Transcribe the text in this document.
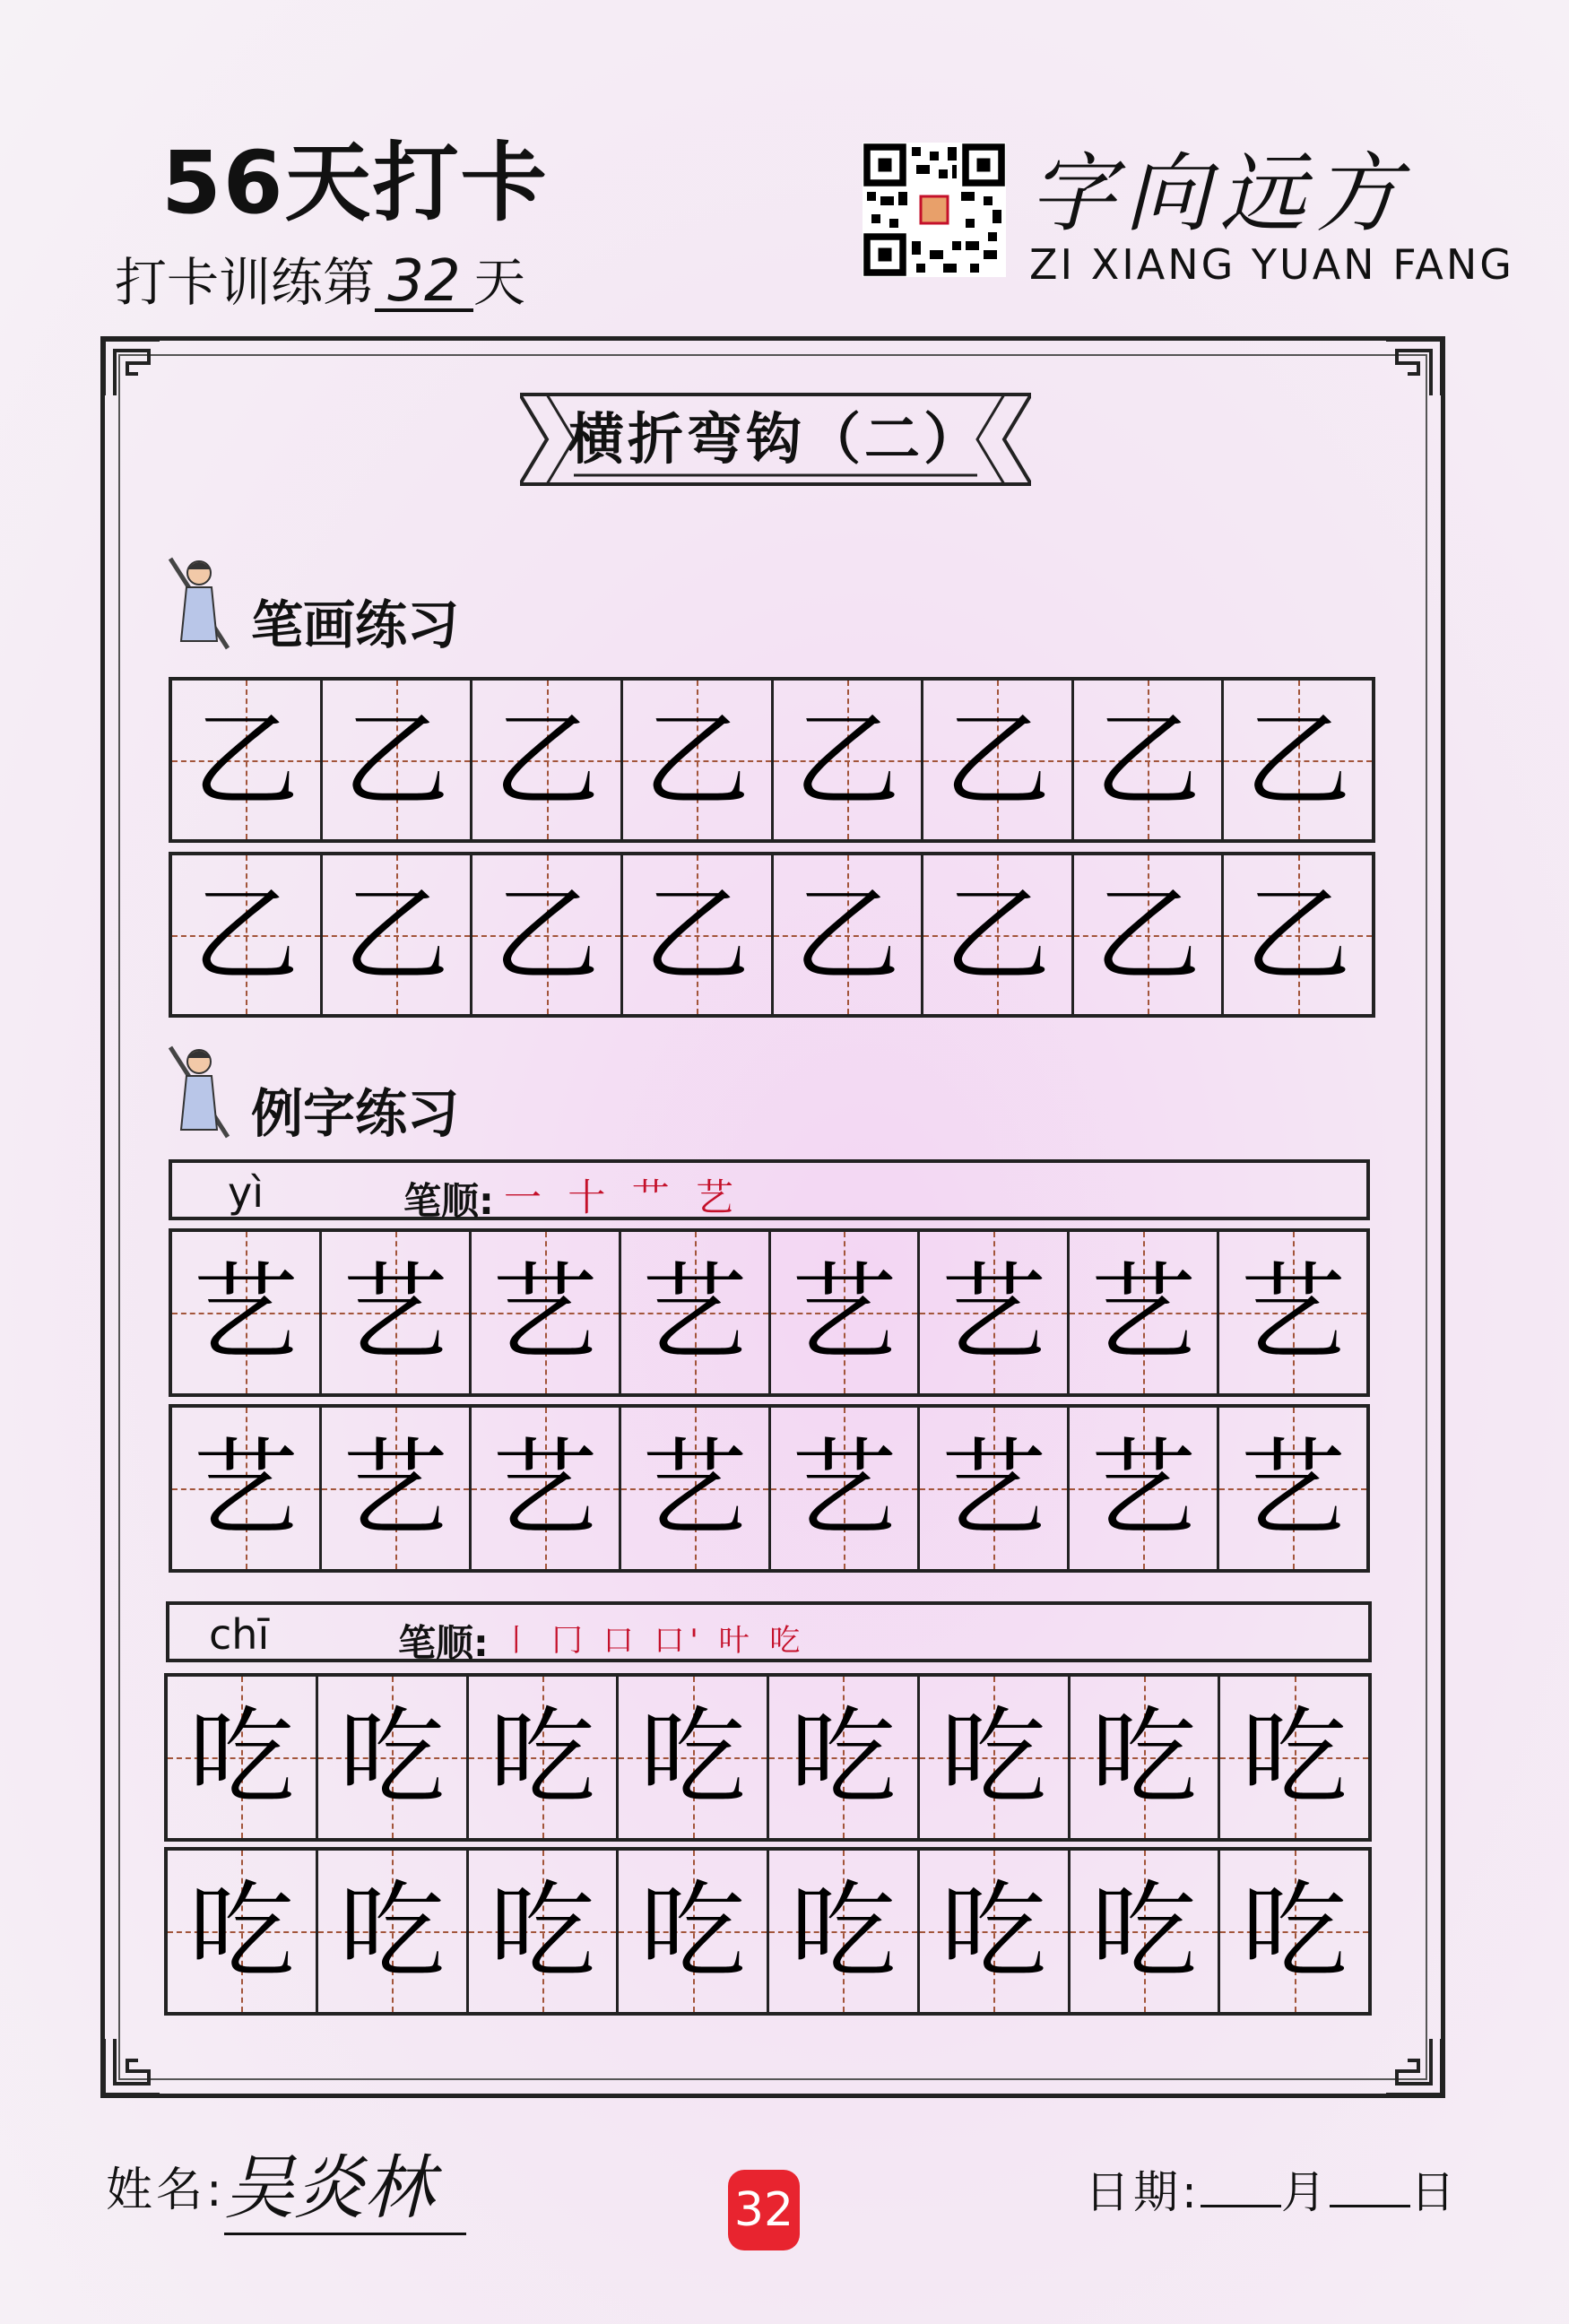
56天打卡
打卡训练第 32 天
字向远方
ZI XIANG YUAN FANG
横折弯钩（二）
笔画练习
乙 乙 乙 乙 乙 乙 乙 乙
乙 乙 乙 乙 乙 乙 乙 乙
例字练习
yì	笔顺: 一 十 艹 艺
艺 艺 艺 艺 艺 艺 艺 艺
艺 艺 艺 艺 艺 艺 艺 艺
chī	笔顺: 丨 冂 口 口' 叶 吃
吃 吃 吃 吃 吃 吃 吃 吃
吃 吃 吃 吃 吃 吃 吃 吃
姓名:
吴炎林	32	日期: 月 日
